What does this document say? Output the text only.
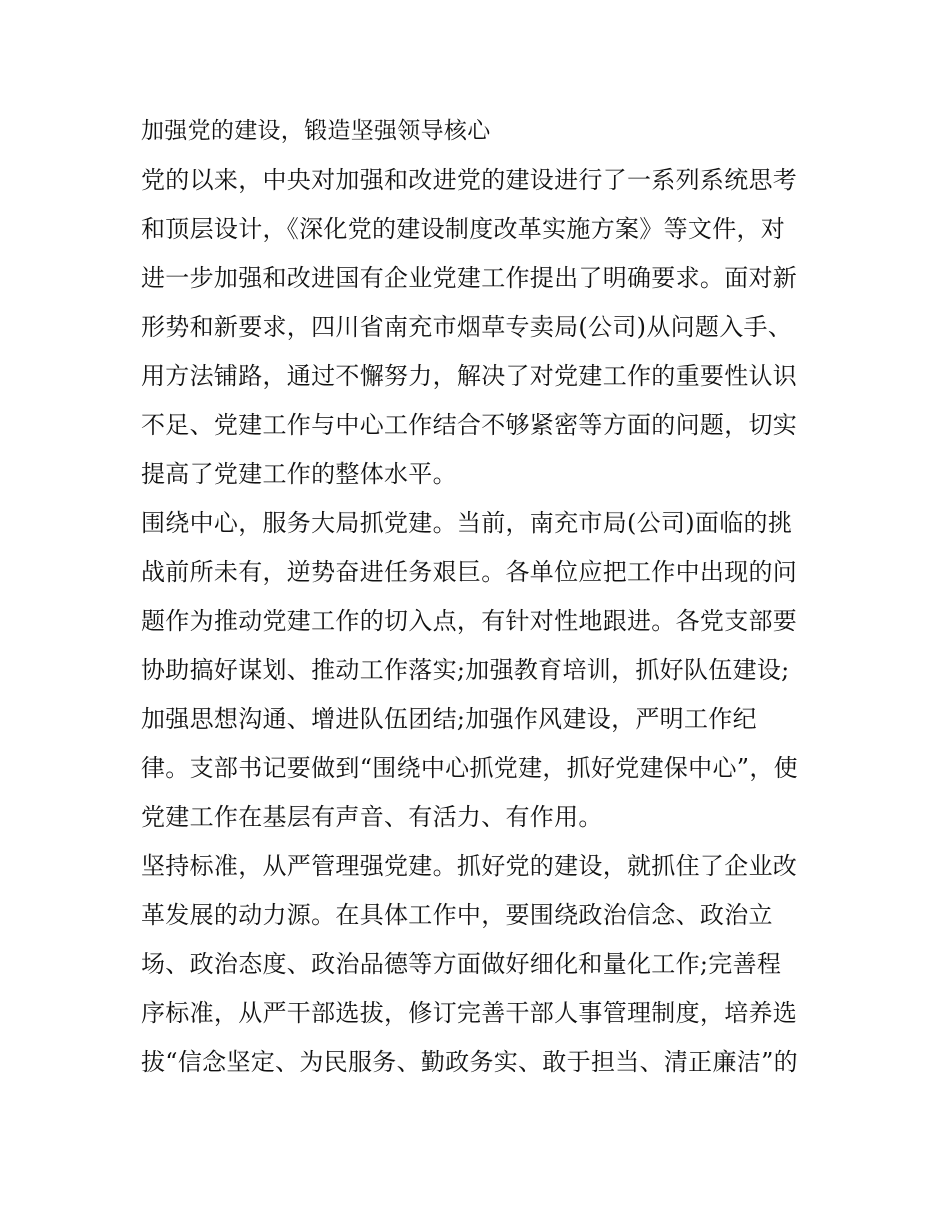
加强党的建设，锻造坚强领导核心
党的以来，中央对加强和改进党的建设进行了一系列系统思考
和顶层设计，《深化党的建设制度改革实施方案》等文件，对
进一步加强和改进国有企业党建工作提出了明确要求。面对新
形势和新要求，四川省南充市烟草专卖局(公司)从问题入手、
用方法铺路，通过不懈努力，解决了对党建工作的重要性认识
不足、党建工作与中心工作结合不够紧密等方面的问题，切实
提高了党建工作的整体水平。
围绕中心，服务大局抓党建。当前，南充市局(公司)面临的挑
战前所未有，逆势奋进任务艰巨。各单位应把工作中出现的问
题作为推动党建工作的切入点，有针对性地跟进。各党支部要
协助搞好谋划、推动工作落实;加强教育培训，抓好队伍建设;
加强思想沟通、增进队伍团结;加强作风建设，严明工作纪
律。支部书记要做到“围绕中心抓党建，抓好党建保中心”，使
党建工作在基层有声音、有活力、有作用。
坚持标准，从严管理强党建。抓好党的建设，就抓住了企业改
革发展的动力源。在具体工作中，要围绕政治信念、政治立
场、政治态度、政治品德等方面做好细化和量化工作;完善程
序标准，从严干部选拔，修订完善干部人事管理制度，培养选
拔“信念坚定、为民服务、勤政务实、敢于担当、清正廉洁”的
